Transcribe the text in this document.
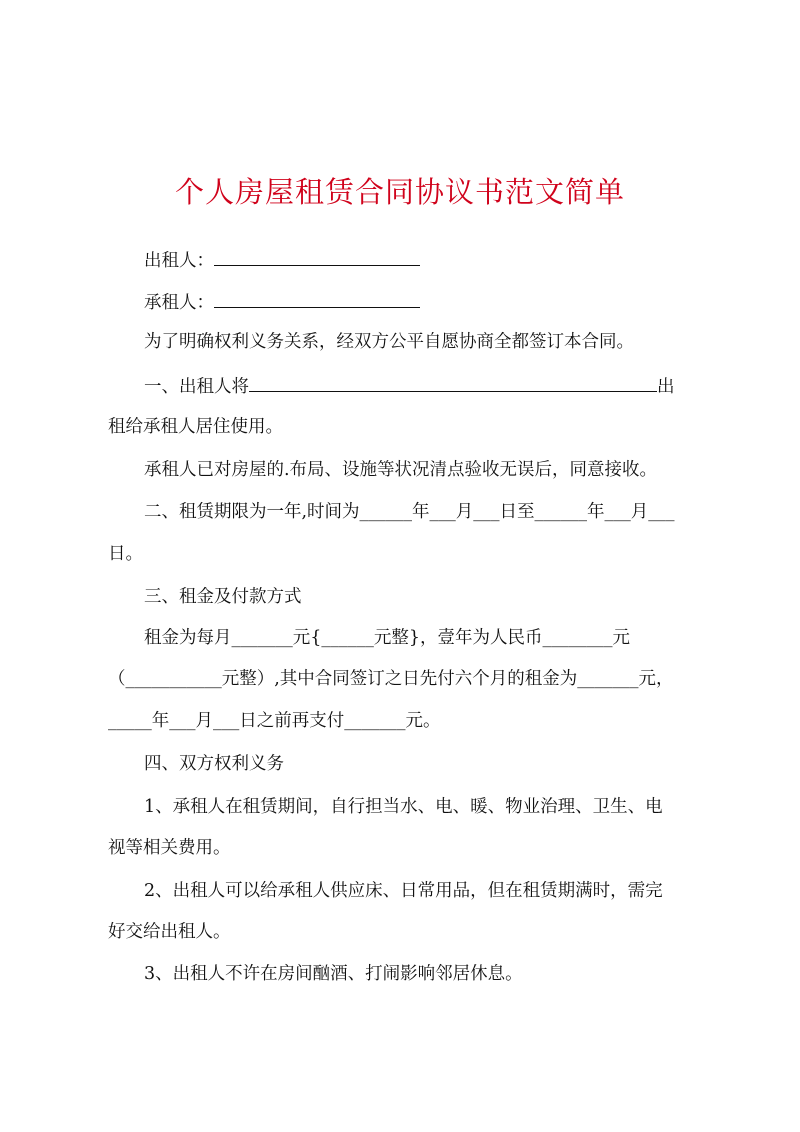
个人房屋租赁合同协议书范文简单
出租人：
承租人：
为了明确权利义务关系，经双方公平自愿协商全都签订本合同。
一、出租人将	出
租给承租人居住使用。
承租人已对房屋的.布局、设施等状况清点验收无误后，同意接收。
二、租赁期限为一年,时间为______年___月___日至______年___月___
日。
三、租金及付款方式
租金为每月_______元{______元整}，壹年为人民币________元
（___________元整）,其中合同签订之日先付六个月的租金为_______元，
_____年___月___日之前再支付_______元。
四、双方权利义务
1、承租人在租赁期间，自行担当水、电、暖、物业治理、卫生、电
视等相关费用。
2、出租人可以给承租人供应床、日常用品，但在租赁期满时，需完
好交给出租人。
3、出租人不许在房间酗酒、打闹影响邻居休息。
